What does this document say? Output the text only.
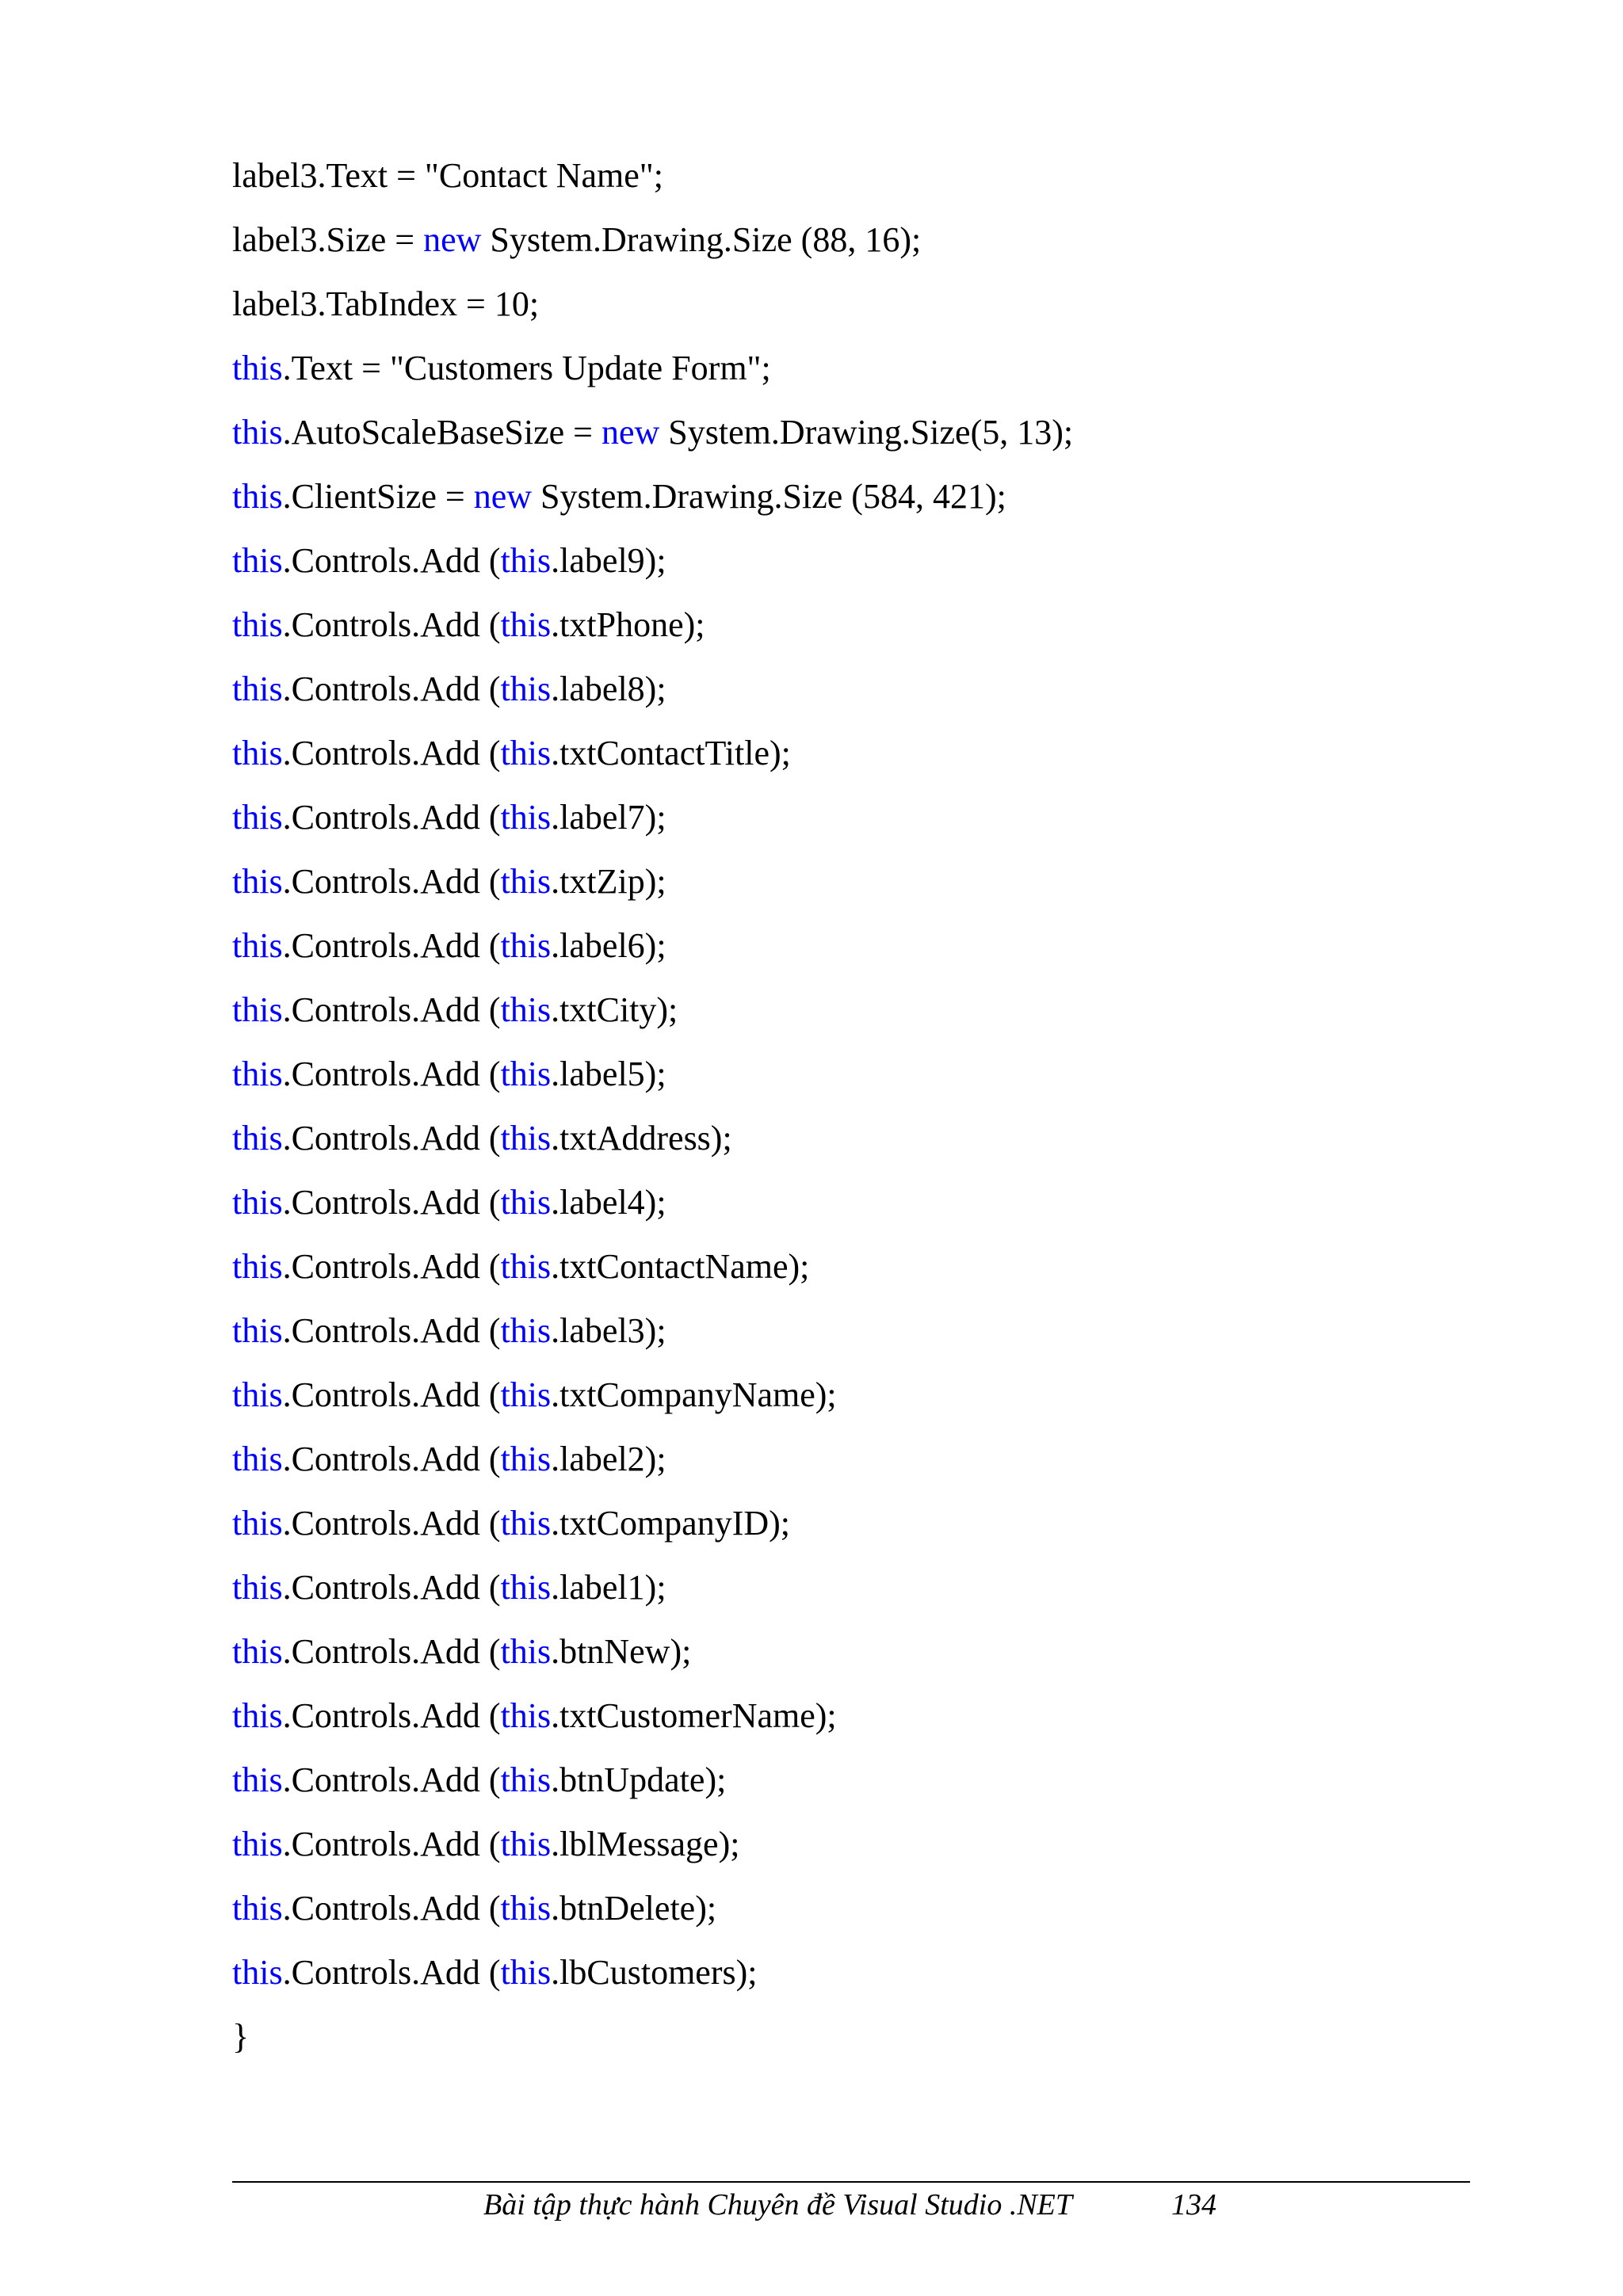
label3.Text = "Contact Name";
label3.Size = new System.Drawing.Size (88, 16);
label3.TabIndex = 10;
this.Text = "Customers Update Form";
this.AutoScaleBaseSize = new System.Drawing.Size(5, 13);
this.ClientSize = new System.Drawing.Size (584, 421);
this.Controls.Add (this.label9);
this.Controls.Add (this.txtPhone);
this.Controls.Add (this.label8);
this.Controls.Add (this.txtContactTitle);
this.Controls.Add (this.label7);
this.Controls.Add (this.txtZip);
this.Controls.Add (this.label6);
this.Controls.Add (this.txtCity);
this.Controls.Add (this.label5);
this.Controls.Add (this.txtAddress);
this.Controls.Add (this.label4);
this.Controls.Add (this.txtContactName);
this.Controls.Add (this.label3);
this.Controls.Add (this.txtCompanyName);
this.Controls.Add (this.label2);
this.Controls.Add (this.txtCompanyID);
this.Controls.Add (this.label1);
this.Controls.Add (this.btnNew);
this.Controls.Add (this.txtCustomerName);
this.Controls.Add (this.btnUpdate);
this.Controls.Add (this.lblMessage);
this.Controls.Add (this.btnDelete);
this.Controls.Add (this.lbCustomers);
}
Bài tập thực hành Chuyên đề Visual Studio .NET	134
